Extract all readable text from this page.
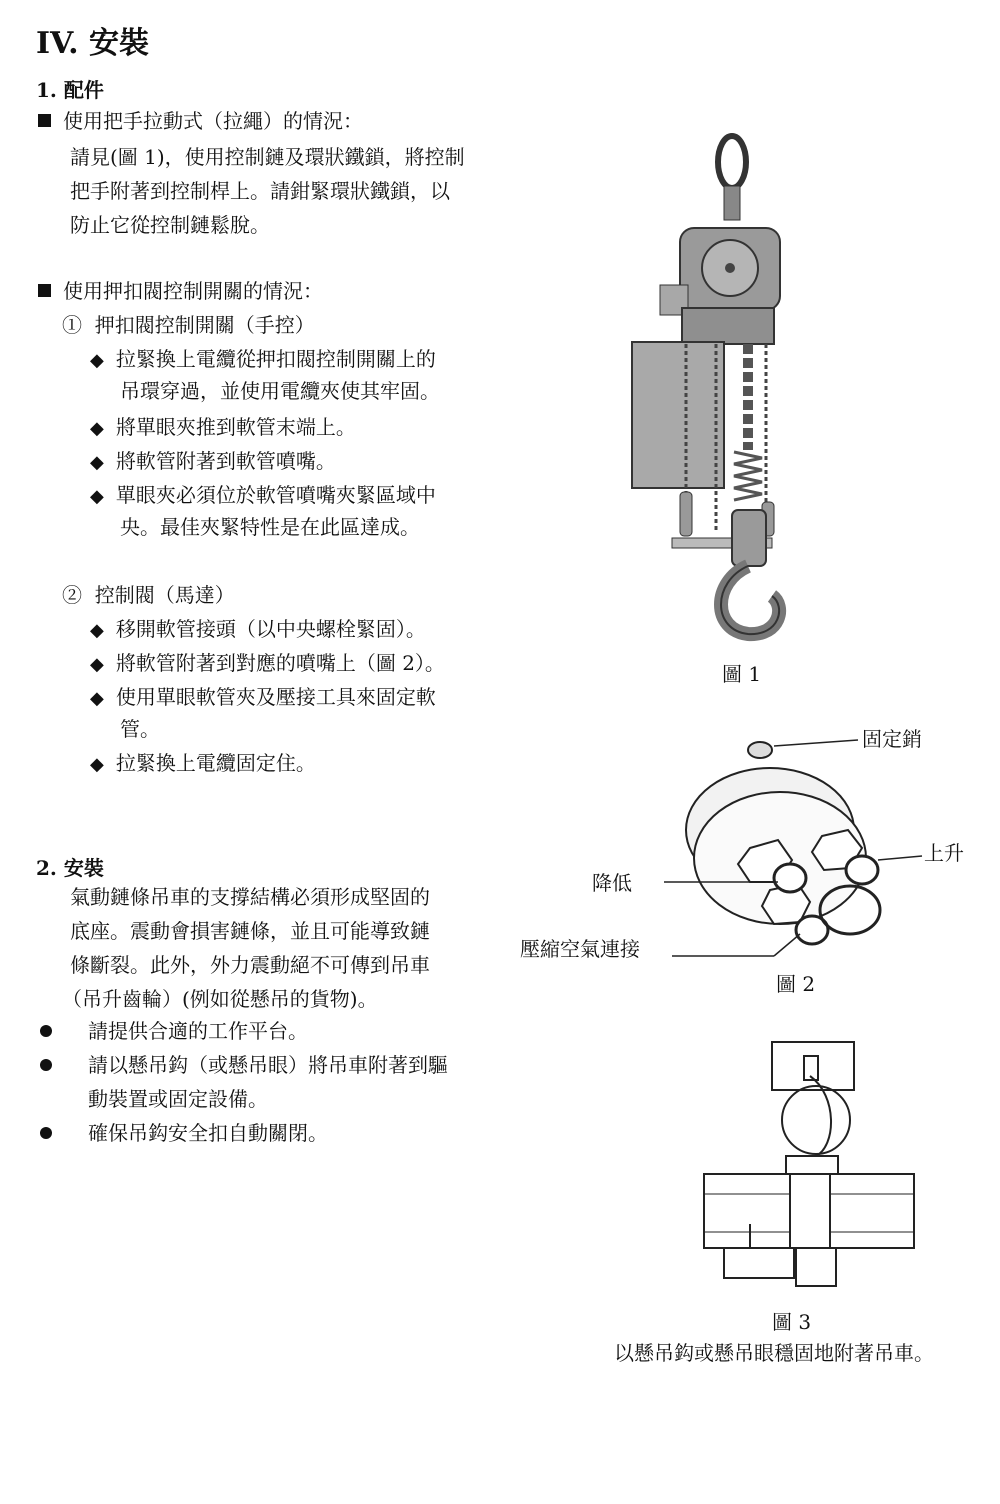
IV. 安裝
1. 配件
使用把手拉動式（拉繩）的情況：
請見(圖 1)，使用控制鏈及環狀鐵鎖，將控制
把手附著到控制桿上。請鉗緊環狀鐵鎖，以
防止它從控制鏈鬆脫。
使用押扣閥控制開關的情況：
① 押扣閥控制開關（手控）
◆ 拉緊換上電纜從押扣閥控制開關上的
吊環穿過，並使用電纜夾使其牢固。
◆ 將單眼夾推到軟管末端上。
◆ 將軟管附著到軟管噴嘴。
◆ 單眼夾必須位於軟管噴嘴夾緊區域中
央。最佳夾緊特性是在此區達成。
② 控制閥（馬達）
◆ 移開軟管接頭（以中央螺栓緊固）。
◆ 將軟管附著到對應的噴嘴上（圖 2）。
◆ 使用單眼軟管夾及壓接工具來固定軟
管。
◆ 拉緊換上電纜固定住。
2. 安裝
氣動鏈條吊車的支撐結構必須形成堅固的
底座。震動會損害鏈條，並且可能導致鏈
條斷裂。此外，外力震動絕不可傳到吊車
（吊升齒輪）(例如從懸吊的貨物)。
請提供合適的工作平台。
請以懸吊鈎（或懸吊眼）將吊車附著到驅
動裝置或固定設備。
確保吊鈎安全扣自動關閉。
圖 1
固定銷
上升
降低
壓縮空氣連接
圖 2
圖 3
以懸吊鈎或懸吊眼穩固地附著吊車。
